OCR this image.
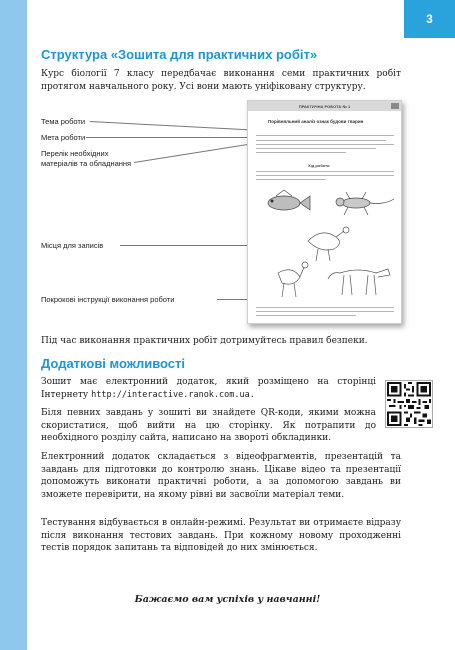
3
Структура «Зошита для практичних робіт»

Курс біології 7 класу передбачає виконання семи практичних робіт протягом навчального року. Усі вони мають уніфіковану структуру.

Тема роботи
Мета роботи
Перелік необхідних
матеріалів та обладнання
Місця для записів
Покрокові інструкції виконання роботи
ПРАКТИЧНА РОБОТА № 1
Порівняльний аналіз ознак будови тварин
Хід роботи

Під час виконання практичних робіт дотримуйтесь правил безпеки.

Додаткові можливості

Зошит має електронний додаток, який розміщено на сторінці Інтернету http://interactive.ranok.com.ua.

Біля певних завдань у зошиті ви знайдете QR-коди, якими можна скористатися, щоб вийти на цю сторінку. Як потрапити до необхідного розділу сайта, написано на звороті обкладинки.

Електронний додаток складається з відеофрагментів, презентацій та завдань для підготовки до контролю знань. Цікаве відео та презентації допоможуть виконати практичні роботи, а за допомогою завдань ви зможете перевірити, на якому рівні ви засвоїли матеріал теми.

Тестування відбувається в онлайн-режимі. Результат ви отримаєте відразу після виконання тестових завдань. При кожному новому проходженні тестів порядок запитань та відповідей до них змінюється.

Бажаємо вам успіхів у навчанні!
